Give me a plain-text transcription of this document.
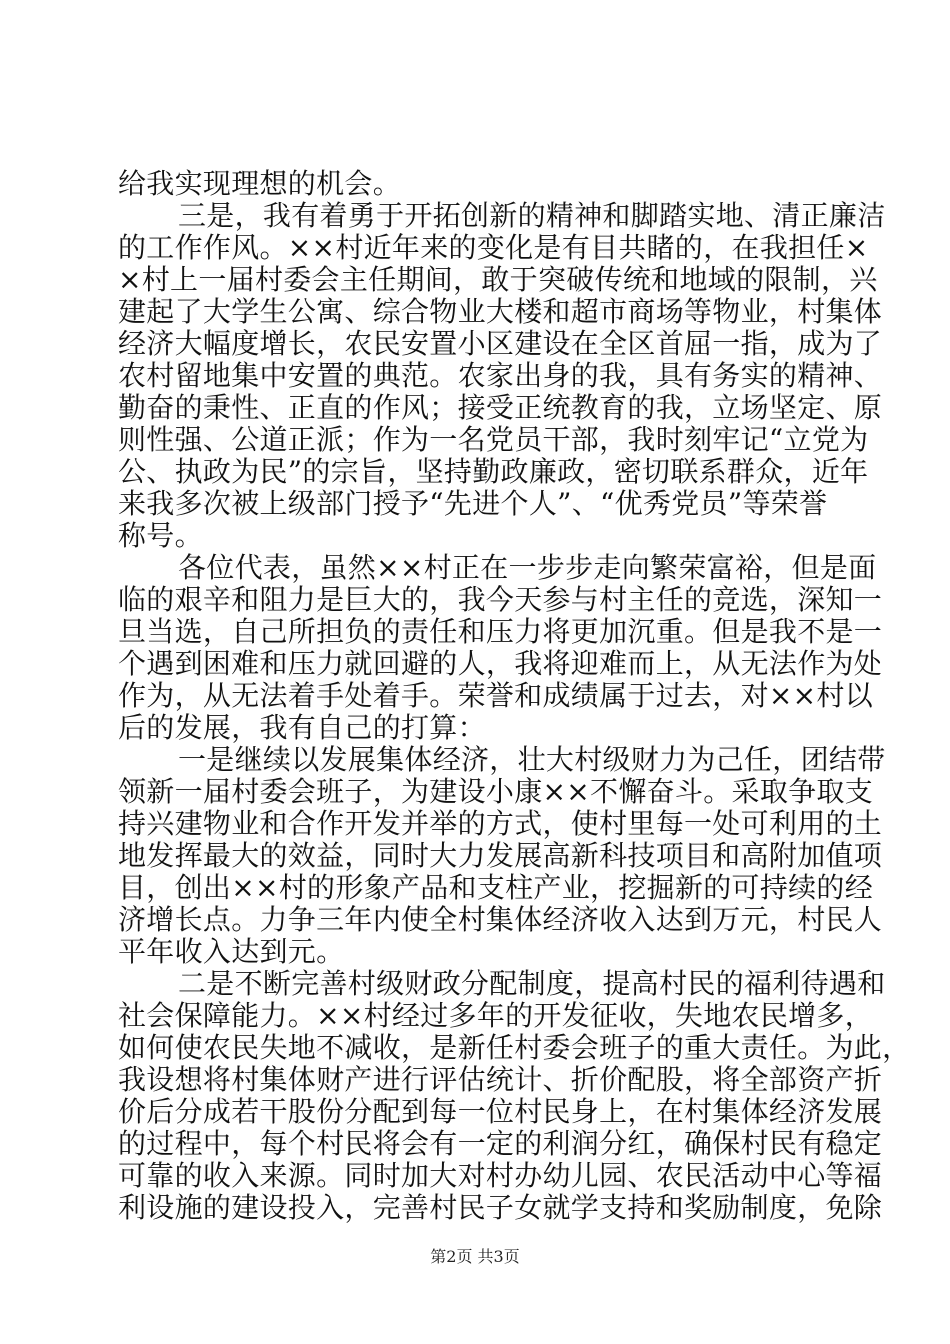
给我实现理想的机会。
三是，我有着勇于开拓创新的精神和脚踏实地、清正廉洁
的工作作风。××村近年来的变化是有目共睹的，在我担任×
×村上一届村委会主任期间，敢于突破传统和地域的限制，兴
建起了大学生公寓、综合物业大楼和超市商场等物业，村集体
经济大幅度增长，农民安置小区建设在全区首屈一指，成为了
农村留地集中安置的典范。农家出身的我，具有务实的精神、
勤奋的秉性、正直的作风；接受正统教育的我，立场坚定、原
则性强、公道正派；作为一名党员干部，我时刻牢记“立党为
公、执政为民”的宗旨，坚持勤政廉政，密切联系群众，近年
来我多次被上级部门授予“先进个人”、“优秀党员”等荣誉
称号。
各位代表，虽然××村正在一步步走向繁荣富裕，但是面
临的艰辛和阻力是巨大的，我今天参与村主任的竞选，深知一
旦当选，自己所担负的责任和压力将更加沉重。但是我不是一
个遇到困难和压力就回避的人，我将迎难而上，从无法作为处
作为，从无法着手处着手。荣誉和成绩属于过去，对××村以
后的发展，我有自己的打算：
一是继续以发展集体经济，壮大村级财力为己任，团结带
领新一届村委会班子，为建设小康××不懈奋斗。采取争取支
持兴建物业和合作开发并举的方式，使村里每一处可利用的土
地发挥最大的效益，同时大力发展高新科技项目和高附加值项
目，创出××村的形象产品和支柱产业，挖掘新的可持续的经
济增长点。力争三年内使全村集体经济收入达到万元，村民人
平年收入达到元。
二是不断完善村级财政分配制度，提高村民的福利待遇和
社会保障能力。××村经过多年的开发征收，失地农民增多，
如何使农民失地不减收，是新任村委会班子的重大责任。为此，
我设想将村集体财产进行评估统计、折价配股，将全部资产折
价后分成若干股份分配到每一位村民身上，在村集体经济发展
的过程中，每个村民将会有一定的利润分红，确保村民有稳定
可靠的收入来源。同时加大对村办幼儿园、农民活动中心等福
利设施的建设投入，完善村民子女就学支持和奖励制度，免除
第2页 共3页
